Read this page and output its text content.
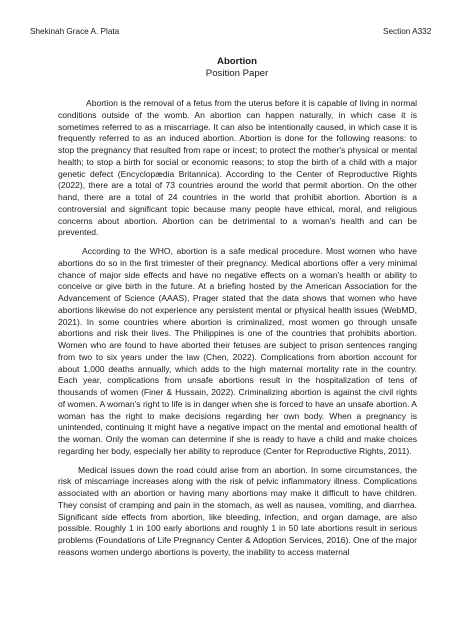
Shekinah Grace A. Plata	Section A332
Abortion
Position Paper

Abortion is the removal of a fetus from the uterus before it is capable of living in normal conditions outside of the womb. An abortion can happen naturally, in which case it is sometimes referred to as a miscarriage. It can also be intentionally caused, in which case it is frequently referred to as an induced abortion. Abortion is done for the following reasons: to stop the pregnancy that resulted from rape or incest; to protect the mother's physical or mental health; to stop a birth for social or economic reasons; to stop the birth of a child with a major genetic defect (Encyclopædia Britannica). According to the Center of Reproductive Rights (2022), there are a total of 73 countries around the world that permit abortion. On the other hand, there are a total of 24 countries in the world that prohibit abortion. Abortion is a controversial and significant topic because many people have ethical, moral, and religious concerns about abortion. Abortion can be detrimental to a woman's health and can be prevented.

According to the WHO, abortion is a safe medical procedure. Most women who have abortions do so in the first trimester of their pregnancy. Medical abortions offer a very minimal chance of major side effects and have no negative effects on a woman's health or ability to conceive or give birth in the future. At a briefing hosted by the American Association for the Advancement of Science (AAAS), Prager stated that the data shows that women who have abortions likewise do not experience any persistent mental or physical health issues (WebMD, 2021). In some countries where abortion is criminalized, most women go through unsafe abortions and risk their lives. The Philippines is one of the countries that prohibits abortion. Women who are found to have aborted their fetuses are subject to prison sentences ranging from two to six years under the law (Chen, 2022). Complications from abortion account for about 1,000 deaths annually, which adds to the high maternal mortality rate in the country. Each year, complications from unsafe abortions result in the hospitalization of tens of thousands of women (Finer & Hussain, 2022). Criminalizing abortion is against the civil rights of women. A woman's right to life is in danger when she is forced to have an unsafe abortion. A woman has the right to make decisions regarding her own body. When a pregnancy is unintended, continuing it might have a negative impact on the mental and emotional health of the woman. Only the woman can determine if she is ready to have a child and make choices regarding her body, especially her ability to reproduce (Center for Reproductive Rights, 2011).

Medical issues down the road could arise from an abortion. In some circumstances, the risk of miscarriage increases along with the risk of pelvic inflammatory illness. Complications associated with an abortion or having many abortions may make it difficult to have children. They consist of cramping and pain in the stomach, as well as nausea, vomiting, and diarrhea. Significant side effects from abortion, like bleeding, infection, and organ damage, are also possible. Roughly 1 in 100 early abortions and roughly 1 in 50 late abortions result in serious problems (Foundations of Life Pregnancy Center & Adoption Services, 2016). One of the major reasons women undergo abortions is poverty, the inability to access maternal
